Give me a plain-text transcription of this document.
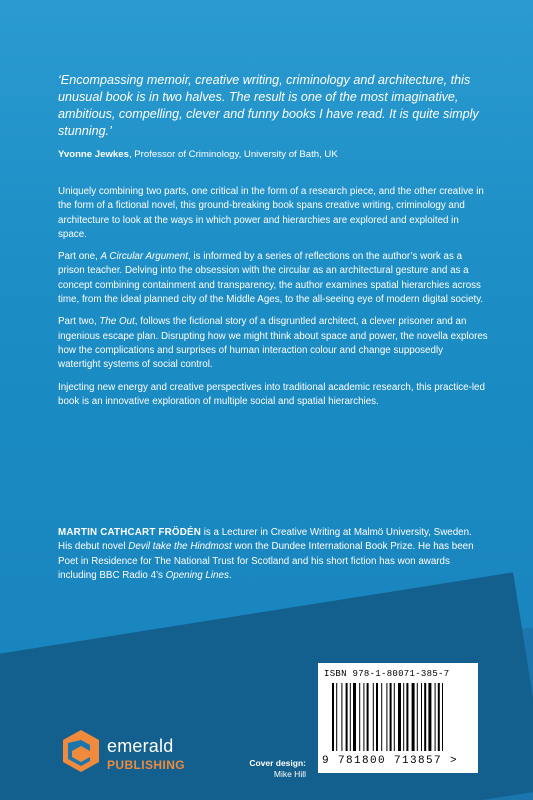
‘Encompassing memoir, creative writing, criminology and architecture, this unusual book is in two halves. The result is one of the most imaginative, ambitious, compelling, clever and funny books I have read. It is quite simply stunning.’

Yvonne Jewkes, Professor of Criminology, University of Bath, UK

Uniquely combining two parts, one critical in the form of a research piece, and the other creative in the form of a fictional novel, this ground-breaking book spans creative writing, criminology and architecture to look at the ways in which power and hierarchies are explored and exploited in space.

Part one, A Circular Argument, is informed by a series of reflections on the author’s work as a prison teacher. Delving into the obsession with the circular as an architectural gesture and as a concept combining containment and transparency, the author examines spatial hierarchies across time, from the ideal planned city of the Middle Ages, to the all-seeing eye of modern digital society.

Part two, The Out, follows the fictional story of a disgruntled architect, a clever prisoner and an ingenious escape plan. Disrupting how we might think about space and power, the novella explores how the complications and surprises of human interaction colour and change supposedly watertight systems of social control.

Injecting new energy and creative perspectives into traditional academic research, this practice-led book is an innovative exploration of multiple social and spatial hierarchies.

MARTIN CATHCART FRÖDÉN is a Lecturer in Creative Writing at Malmö University, Sweden. His debut novel Devil take the Hindmost won the Dundee International Book Prize. He has been Poet in Residence for The National Trust for Scotland and his short fiction has won awards including BBC Radio 4’s Opening Lines.
ISBN 978-1-80071-385-7
9 781800 713857 >
emerald
PUBLISHING	Cover design:
Mike Hill
